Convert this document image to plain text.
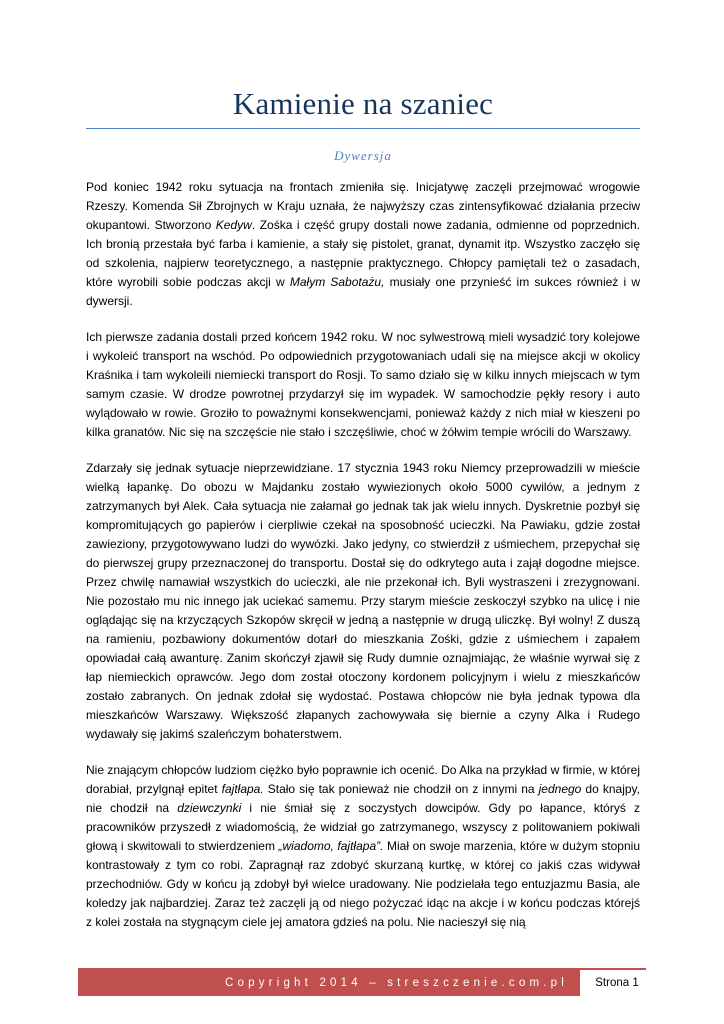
Kamienie na szaniec
Dywersja

Pod koniec 1942 roku sytuacja na frontach zmieniła się. Inicjatywę zaczęli przejmować wrogowie Rzeszy. Komenda Sił Zbrojnych w Kraju uznała, że najwyższy czas zintensyfikować działania przeciw okupantowi. Stworzono Kedyw. Zośka i część grupy dostali nowe zadania, odmienne od poprzednich. Ich bronią przestała być farba i kamienie, a stały się pistolet, granat, dynamit itp. Wszystko zaczęło się od szkolenia, najpierw teoretycznego, a następnie praktycznego. Chłopcy pamiętali też o zasadach, które wyrobili sobie podczas akcji w Małym Sabotażu, musiały one przynieść im sukces również i w dywersji.

Ich pierwsze zadania dostali przed końcem 1942 roku. W noc sylwestrową mieli wysadzić tory kolejowe i wykoleić transport na wschód. Po odpowiednich przygotowaniach udali się na miejsce akcji w okolicy Kraśnika i tam wykoleili niemiecki transport do Rosji. To samo działo się w kilku innych miejscach w tym samym czasie. W drodze powrotnej przydarzył się im wypadek. W samochodzie pękły resory i auto wylądowało w rowie. Groziło to poważnymi konsekwencjami, ponieważ każdy z nich miał w kieszeni po kilka granatów. Nic się na szczęście nie stało i szczęśliwie, choć w żółwim tempie wrócili do Warszawy.

Zdarzały się jednak sytuacje nieprzewidziane. 17 stycznia 1943 roku Niemcy przeprowadzili w mieście wielką łapankę. Do obozu w Majdanku zostało wywiezionych około 5000 cywilów, a jednym z zatrzymanych był Alek. Cała sytuacja nie załamał go jednak tak jak wielu innych. Dyskretnie pozbył się kompromitujących go papierów i cierpliwie czekał na sposobność ucieczki. Na Pawiaku, gdzie został zawieziony, przygotowywano ludzi do wywózki. Jako jedyny, co stwierdził z uśmiechem, przepychał się do pierwszej grupy przeznaczonej do transportu. Dostał się do odkrytego auta i zajął dogodne miejsce. Przez chwilę namawiał wszystkich do ucieczki, ale nie przekonał ich. Byli wystraszeni i zrezygnowani. Nie pozostało mu nic innego jak uciekać samemu. Przy starym mieście zeskoczył szybko na ulicę i nie oglądając się na krzyczących Szkopów skręcił w jedną a następnie w drugą uliczkę. Był wolny! Z duszą na ramieniu, pozbawiony dokumentów dotarł do mieszkania Zośki, gdzie z uśmiechem i zapałem opowiadał całą awanturę. Zanim skończył zjawił się Rudy dumnie oznajmiając, że właśnie wyrwał się z łap niemieckich oprawców. Jego dom został otoczony kordonem policyjnym i wielu z mieszkańców zostało zabranych. On jednak zdołał się wydostać. Postawa chłopców nie była jednak typowa dla mieszkańców Warszawy. Większość złapanych zachowywała się biernie a czyny Alka i Rudego wydawały się jakimś szaleńczym bohaterstwem.

Nie znającym chłopców ludziom ciężko było poprawnie ich ocenić. Do Alka na przykład w firmie, w której dorabiał, przylgnął epitet fajtłapa. Stało się tak ponieważ nie chodził on z innymi na jednego do knajpy, nie chodził na dziewczynki i nie śmiał się z soczystych dowcipów. Gdy po łapance, któryś z pracowników przyszedł z wiadomością, że widział go zatrzymanego, wszyscy z politowaniem pokiwali głową i skwitowali to stwierdzeniem „wiadomo, fajtłapa”. Miał on swoje marzenia, które w dużym stopniu kontrastowały z tym co robi. Zapragnął raz zdobyć skurzaną kurtkę, w której co jakiś czas widywał przechodniów. Gdy w końcu ją zdobył był wielce uradowany. Nie podzielała tego entuzjazmu Basia, ale koledzy jak najbardziej. Zaraz też zaczęli ją od niego pożyczać idąc na akcje i w końcu podczas którejś z kolei została na stygnącym ciele jej amatora gdzieś na polu. Nie nacieszył się nią

Copyright 2014 – streszczenie.com.pl	Strona 1
